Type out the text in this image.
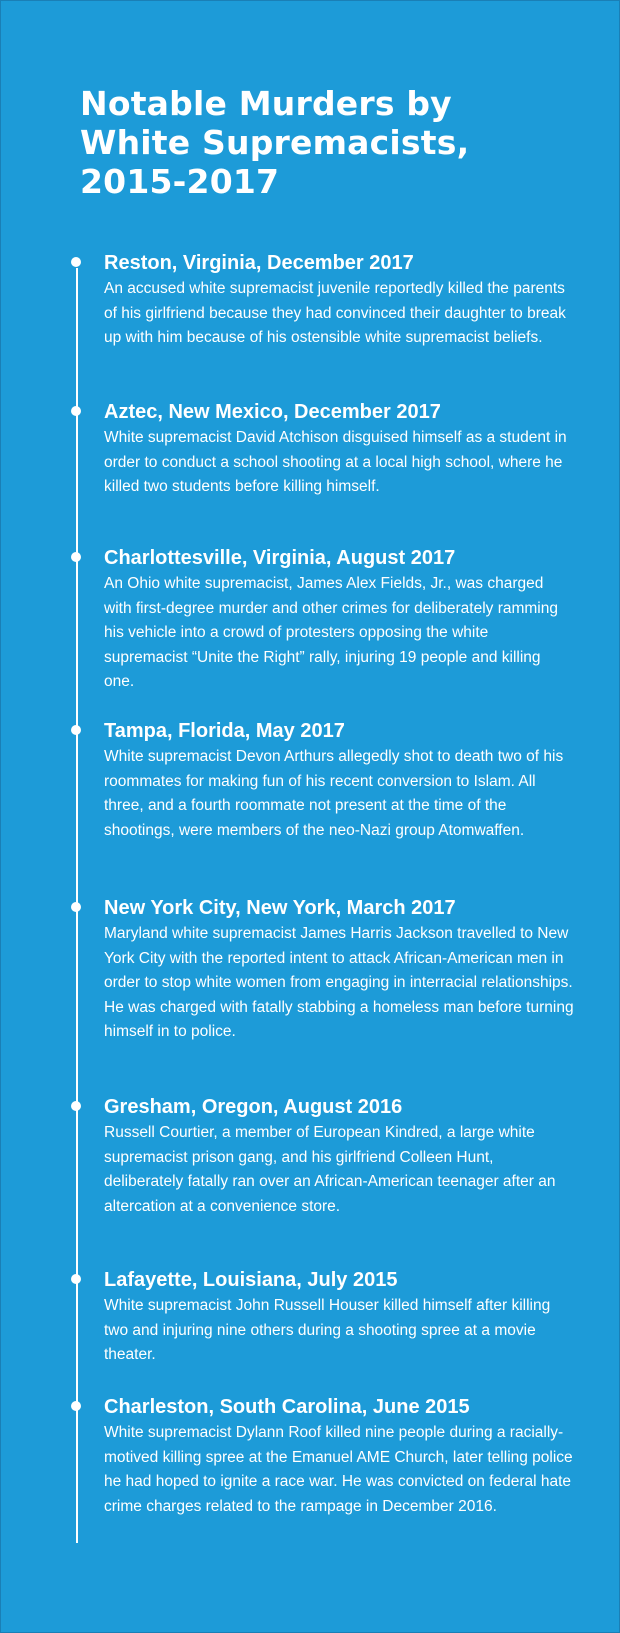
Notable Murders by White Supremacists, 2015-2017
Reston, Virginia, December 2017

An accused white supremacist juvenile reportedly killed the parents of his girlfriend because they had convinced their daughter to break up with him because of his ostensible white supremacist beliefs.

Aztec, New Mexico, December 2017

White supremacist David Atchison disguised himself as a student in order to conduct a school shooting at a local high school, where he killed two students before killing himself.

Charlottesville, Virginia, August 2017

An Ohio white supremacist, James Alex Fields, Jr., was charged with first-degree murder and other crimes for deliberately ramming his vehicle into a crowd of protesters opposing the white supremacist “Unite the Right” rally, injuring 19 people and killing one.

Tampa, Florida, May 2017

White supremacist Devon Arthurs allegedly shot to death two of his roommates for making fun of his recent conversion to Islam. All three, and a fourth roommate not present at the time of the shootings, were members of the neo-Nazi group Atomwaffen.

New York City, New York, March 2017

Maryland white supremacist James Harris Jackson travelled to New York City with the reported intent to attack African-American men in order to stop white women from engaging in interracial relationships. He was charged with fatally stabbing a homeless man before turning himself in to police.

Gresham, Oregon, August 2016

Russell Courtier, a member of European Kindred, a large white supremacist prison gang, and his girlfriend Colleen Hunt, deliberately fatally ran over an African-American teenager after an altercation at a convenience store.

Lafayette, Louisiana, July 2015

White supremacist John Russell Houser killed himself after killing two and injuring nine others during a shooting spree at a movie theater.

Charleston, South Carolina, June 2015

White supremacist Dylann Roof killed nine people during a racially-motived killing spree at the Emanuel AME Church, later telling police he had hoped to ignite a race war. He was convicted on federal hate crime charges related to the rampage in December 2016.
